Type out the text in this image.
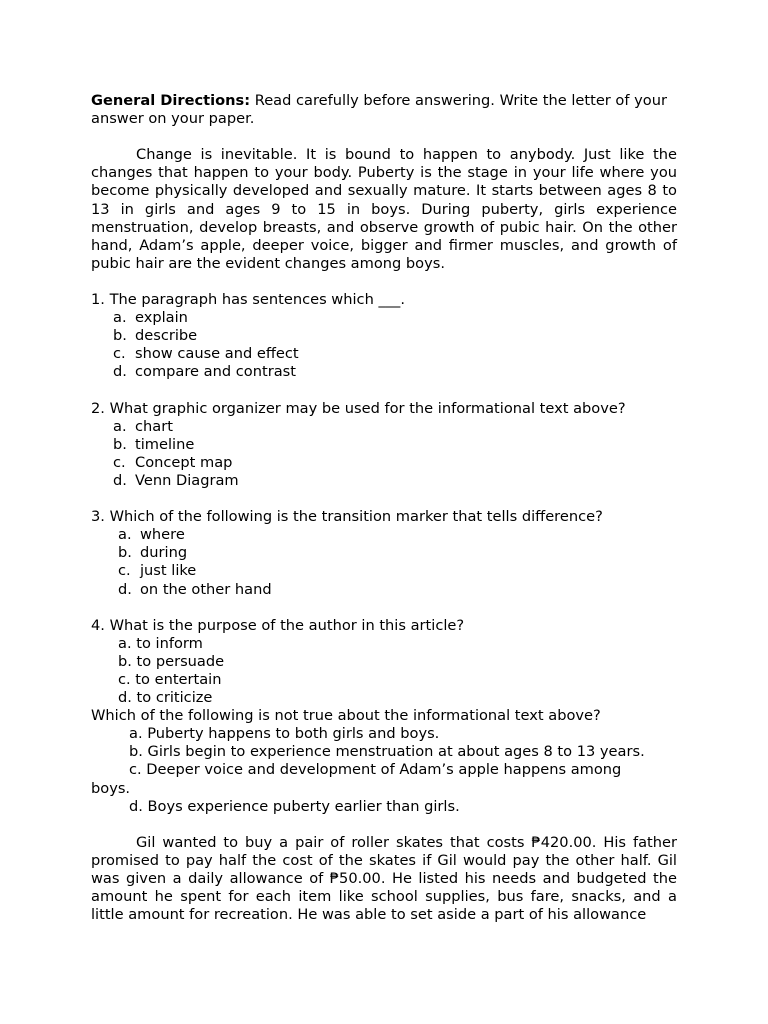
General Directions: Read carefully before answering. Write the letter of your answer on your paper.

Change is inevitable. It is bound to happen to anybody. Just like the changes that happen to your body. Puberty is the stage in your life where you become physically developed and sexually mature. It starts between ages 8 to 13 in girls and ages 9 to 15 in boys. During puberty, girls experience menstruation, develop breasts, and observe growth of pubic hair. On the other hand, Adam’s apple, deeper voice, bigger and firmer muscles, and growth of pubic hair are the evident changes among boys.

1. The paragraph has sentences which ___.

a. explain
b. describe
c. show cause and effect
d. compare and contrast

2. What graphic organizer may be used for the informational text above?

a. chart
b. timeline
c. Concept map
d. Venn Diagram

3. Which of the following is the transition marker that tells difference?

a. where
b. during
c. just like
d. on the other hand

4. What is the purpose of the author in this article?

a. to inform
b. to persuade
c. to entertain
d. to criticize

Which of the following is not true about the informational text above?

a. Puberty happens to both girls and boys.
b. Girls begin to experience menstruation at about ages 8 to 13 years.
c. Deeper voice and development of Adam’s apple happens among

boys.

d. Boys experience puberty earlier than girls.

Gil wanted to buy a pair of roller skates that costs ₱420.00. His father promised to pay half the cost of the skates if Gil would pay the other half. Gil was given a daily allowance of ₱50.00. He listed his needs and budgeted the amount he spent for each item like school supplies, bus fare, snacks, and a little amount for recreation. He was able to set aside a part of his allowance
